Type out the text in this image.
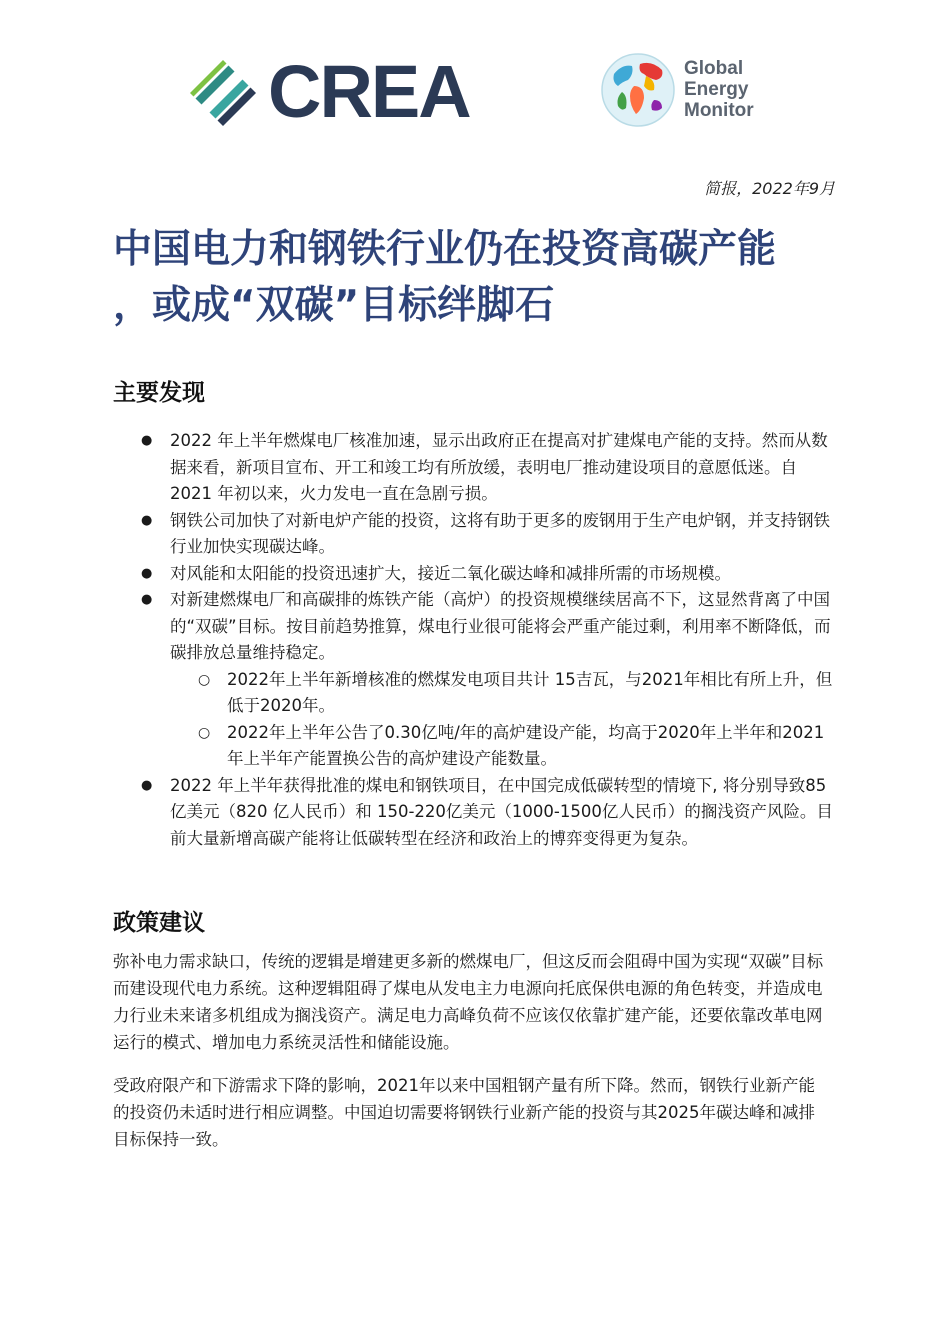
CREA	Global
Energy
Monitor
简报，2022年9月
中国电力和钢铁行业仍在投资高碳产能
，或成“双碳”目标绊脚石
主要发现
● 2022 年上半年燃煤电厂核准加速，显示出政府正在提高对扩建煤电产能的支持。然而从数据来看，新项目宣布、开工和竣工均有所放缓，表明电厂推动建设项目的意愿低迷。自 2021 年初以来，火力发电一直在急剧亏损。
● 钢铁公司加快了对新电炉产能的投资，这将有助于更多的废钢用于生产电炉钢，并支持钢铁行业加快实现碳达峰。
● 对风能和太阳能的投资迅速扩大，接近二氧化碳达峰和减排所需的市场规模。
● 对新建燃煤电厂和高碳排的炼铁产能（高炉）的投资规模继续居高不下，这显然背离了中国的“双碳”目标。按目前趋势推算，煤电行业很可能将会严重产能过剩，利用率不断降低，而碳排放总量维持稳定。
○ 2022年上半年新增核准的燃煤发电项目共计 15吉瓦，与2021年相比有所上升，但低于2020年。
○ 2022年上半年公告了0.30亿吨/年的高炉建设产能，均高于2020年上半年和2021年上半年产能置换公告的高炉建设产能数量。
● 2022 年上半年获得批准的煤电和钢铁项目，在中国完成低碳转型的情境下, 将分别导致85亿美元（820 亿人民币）和 150-220亿美元（1000-1500亿人民币）的搁浅资产风险。目前大量新增高碳产能将让低碳转型在经济和政治上的博弈变得更为复杂。
政策建议

弥补电力需求缺口，传统的逻辑是增建更多新的燃煤电厂，但这反而会阻碍中国为实现“双碳”目标而建设现代电力系统。这种逻辑阻碍了煤电从发电主力电源向托底保供电源的角色转变，并造成电力行业未来诸多机组成为搁浅资产。满足电力高峰负荷不应该仅依靠扩建产能，还要依靠改革电网运行的模式、增加电力系统灵活性和储能设施。

受政府限产和下游需求下降的影响，2021年以来中国粗钢产量有所下降。然而，钢铁行业新产能的投资仍未适时进行相应调整。中国迫切需要将钢铁行业新产能的投资与其2025年碳达峰和减排目标保持一致。
